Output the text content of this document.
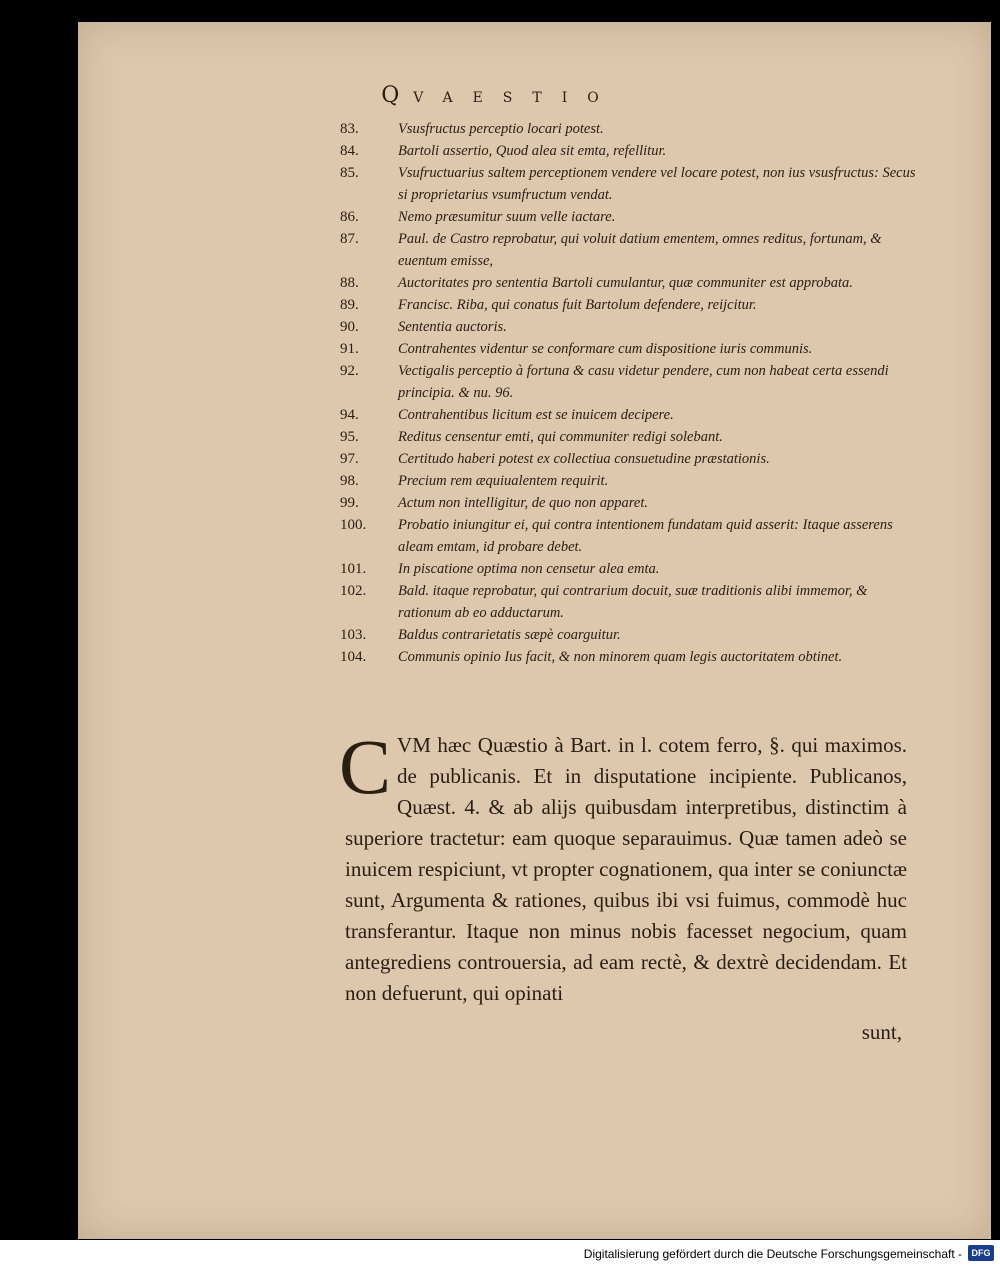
QVAESTIO
83.	Vsusfructus perceptio locari potest.
84.	Bartoli assertio, Quod alea sit emta, refellitur.
85.	Vsufructuarius saltem perceptionem vendere vel locare potest, non ius vsusfructus: Secus si proprietarius vsumfructum vendat.
86.	Nemo præsumitur suum velle iactare.
87.	Paul. de Castro reprobatur, qui voluit datium ementem, omnes reditus, fortunam, & euentum emisse,
88.	Auctoritates pro sententia Bartoli cumulantur, quæ communiter est approbata.
89.	Francisc. Riba, qui conatus fuit Bartolum defendere, reijcitur.
90.	Sententia auctoris.
91.	Contrahentes videntur se conformare cum dispositione iuris communis.
92.	Vectigalis perceptio à fortuna & casu videtur pendere, cum non habeat certa essendi principia. & nu. 96.
94.	Contrahentibus licitum est se inuicem decipere.
95.	Reditus censentur emti, qui communiter redigi solebant.
97.	Certitudo haberi potest ex collectiua consuetudine præstationis.
98.	Precium rem æquiualentem requirit.
99.	Actum non intelligitur, de quo non apparet.
100.	Probatio iniungitur ei, qui contra intentionem fundatam quid asserit: Itaque asserens aleam emtam, id probare debet.
101.	In piscatione optima non censetur alea emta.
102.	Bald. itaque reprobatur, qui contrarium docuit, suæ traditionis alibi immemor, & rationum ab eo adductarum.
103.	Baldus contrarietatis sæpè coarguitur.
104.	Communis opinio Ius facit, & non minorem quam legis auctoritatem obtinet.
C VM hæc Quæstio à Bart. in l. cotem ferro, §. qui maximos. de publicanis. Et in disputatione incipiente. Publicanos, Quæst. 4. & ab alijs quibusdam interpretibus, distinctim à superiore tractetur: eam quoque separauimus. Quæ tamen adeò se inuicem respiciunt, vt propter cognationem, qua inter se coniunctæ sunt, Argumenta & rationes, quibus ibi vsi fuimus, commodè huc transferantur. Itaque non minus nobis facesset negocium, quam antegrediens controuersia, ad eam rectè, & dextrè decidendam. Et non defuerunt, qui opinati
sunt,
Digitalisierung gefördert durch die Deutsche Forschungsgemeinschaft -	DFG
